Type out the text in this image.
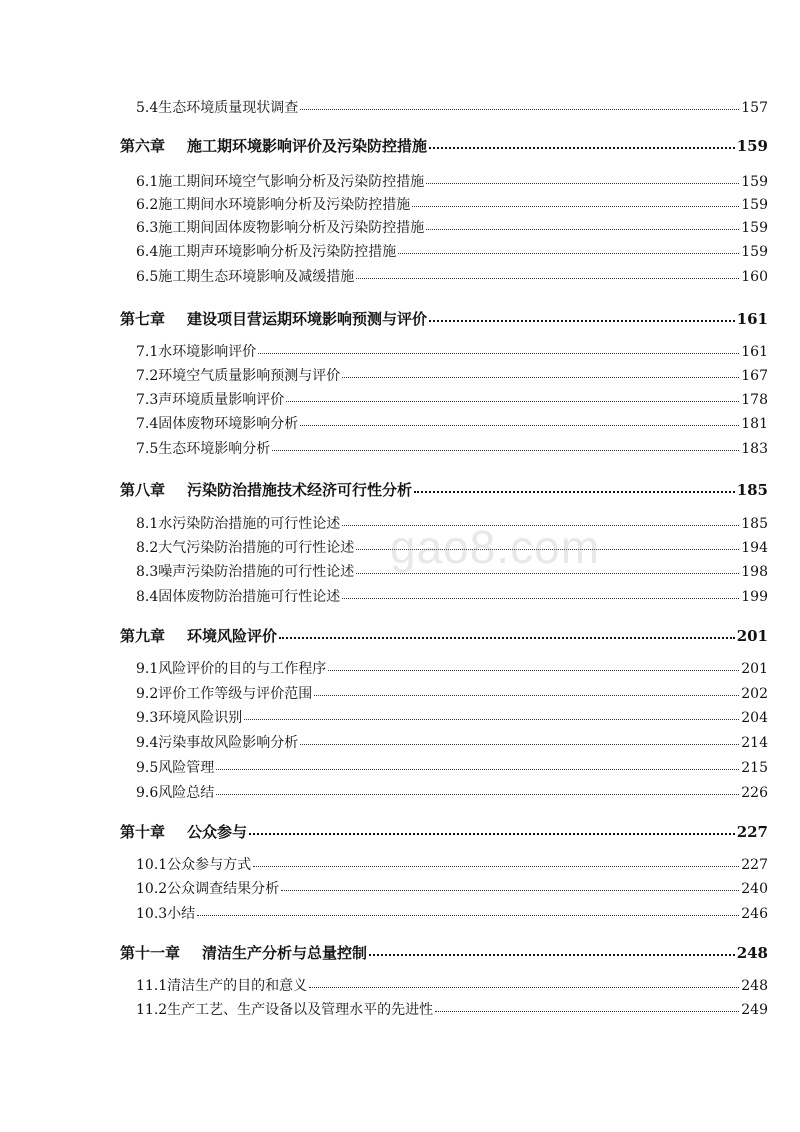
5.4 生态环境质量现状调查	157
第六章 施工期环境影响评价及污染防控措施	159
6.1 施工期间环境空气影响分析及污染防控措施	159
6.2 施工期间水环境影响分析及污染防控措施	159
6.3 施工期间固体废物影响分析及污染防控措施	159
6.4 施工期声环境影响分析及污染防控措施	159
6.5 施工期生态环境影响及减缓措施	160
第七章 建设项目营运期环境影响预测与评价	161
7.1 水环境影响评价	161
7.2 环境空气质量影响预测与评价	167
7.3 声环境质量影响评价	178
7.4 固体废物环境影响分析	181
7.5 生态环境影响分析	183
第八章 污染防治措施技术经济可行性分析	185
8.1 水污染防治措施的可行性论述	185
8.2 大气污染防治措施的可行性论述	194
8.3 噪声污染防治措施的可行性论述	198
8.4 固体废物防治措施可行性论述	199
第九章 环境风险评价	201
9.1 风险评价的目的与工作程序	201
9.2 评价工作等级与评价范围	202
9.3 环境风险识别	204
9.4 污染事故风险影响分析	214
9.5 风险管理	215
9.6 风险总结	226
第十章 公众参与	227
10.1 公众参与方式	227
10.2 公众调查结果分析	240
10.3 小结	246
第十一章 清洁生产分析与总量控制	248
11.1 清洁生产的目的和意义	248
11.2 生产工艺、生产设备以及管理水平的先进性	249
gao8.com
